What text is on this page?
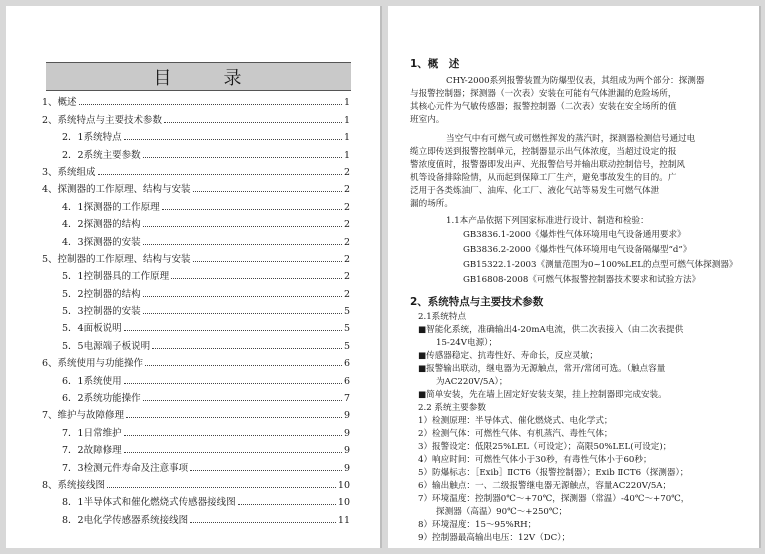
目	录
1、概述	1
2、系统特点与主要技术参数	1
2．1系统特点	1
2．2系统主要参数	1
3、系统组成	2
4、探测器的工作原理、结构与安装	2
4．1探测器的工作原理	2
4．2探测器的结构	2
4．3探测器的安装	2
5、控制器的工作原理、结构与安装	2
5．1控制器具的工作原理	2
5．2控制器的结构	2
5．3控制器的安装	5
5．4面板说明	5
5．5电源端子板说明	5
6、系统使用与功能操作	6
6．1系统使用	6
6．2系统功能操作	7
7、维护与故障修理	9
7．1日常维护	9
7．2故障修理	9
7．3检测元件寿命及注意事项	9
8、系统接线图	10
8．1半导体式和催化燃烧式传感器接线图	10
8．2电化学传感器系统接线图	11
1、概　述

CHY-2000系列报警装置为防爆型仪表，其组成为两个部分：探测器

与报警控制器；探测器（一次表）安装在可能有气体泄漏的危险场所，

其核心元件为气敏传感器；报警控制器（二次表）安装在安全场所的值

班室内。

当空气中有可燃气或可燃性挥发的蒸汽时，探测器检测信号通过电

缆立即传送到报警控制单元，控制器显示出气体浓度，当超过设定的报

警浓度值时，报警器即发出声、光报警信号并输出联动控制信号，控制风

机等设备排除险情，从而起到保障工厂生产，避免事故发生的目的。广

泛用于各类炼油厂、油库、化工厂、液化气站等易发生可燃气体泄

漏的场所。

1.1本产品依据下列国家标准进行设计、制造和检验：

GB3836.1-2000《爆炸性气体环境用电气设备通用要求》

GB3836.2-2000《爆炸性气体环境用电气设备隔爆型“d”》

GB15322.1-2003《测量范围为0~100%LEL的点型可燃气体探测器》

GB16808-2008《可燃气体报警控制器技术要求和试验方法》

2、系统特点与主要技术参数

2.1系统特点

■智能化系统，准确输出4-20mA电流，供二次表接入（由二次表提供

15-24V电源）；

■传感器稳定、抗毒性好、寿命长，反应灵敏；

■报警输出联动，继电器为无源触点，常开/常闭可选。（触点容量

为AC220V/5A）；

■简单安装，先在墙上固定好安装支架，挂上控制器即完成安装。

2.2 系统主要参数

1）检测原理：半导体式、催化燃烧式、电化学式；

2）检测气体：可燃性气体、有机蒸汽、毒性气体；

3）报警设定：低限25%LEL（可设定）；高限50%LEL(可设定)；

4）响应时间：可燃性气体小于30秒，有毒性气体小于60秒；

5）防爆标志：［Exib］ⅡCT6（报警控制器）；Exib ⅡCT6（探测器）；

6）输出触点：一、二级报警继电器无源触点，容量AC220V/5A；

7）环境温度：控制器0℃～+70℃，探测器（常温）-40℃～+70℃，

探测器（高温）90℃～+250℃；

8）环境湿度：15～95%RH；

9）控制器最高输出电压：12V（DC）；
